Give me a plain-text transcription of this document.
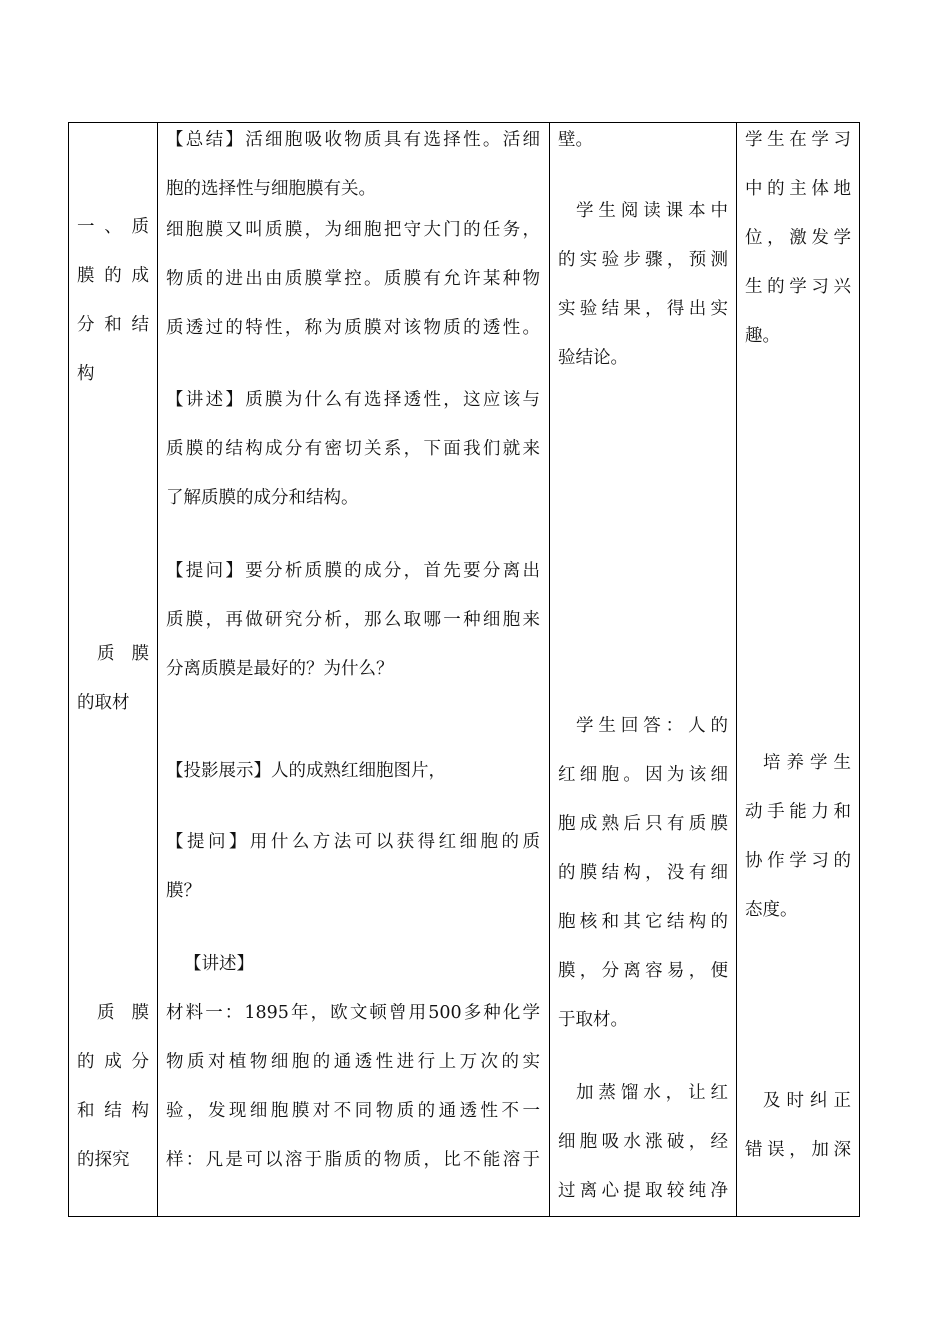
一、质

膜的成

分和结

构

质膜

的取材

质膜

的成分

和结构

的探究

【总结】活细胞吸收物质具有选择性。活细

胞的选择性与细胞膜有关。

细胞膜又叫质膜，为细胞把守大门的任务，

物质的进出由质膜掌控。质膜有允许某种物

质透过的特性，称为质膜对该物质的透性。

【讲述】质膜为什么有选择透性，这应该与

质膜的结构成分有密切关系，下面我们就来

了解质膜的成分和结构。

【提问】要分析质膜的成分，首先要分离出

质膜，再做研究分析，那么取哪一种细胞来

分离质膜是最好的？为什么？

【投影展示】人的成熟红细胞图片，

【提问】用什么方法可以获得红细胞的质

膜？

【讲述】

材料一：1895年，欧文顿曾用500多种化学

物质对植物细胞的通透性进行上万次的实

验，发现细胞膜对不同物质的通透性不一

样：凡是可以溶于脂质的物质，比不能溶于

壁。

学生阅读课本中

的实验步骤，预测

实验结果，得出实

验结论。

学生回答：人的

红细胞。因为该细

胞成熟后只有质膜

的膜结构，没有细

胞核和其它结构的

膜，分离容易，便

于取材。

加蒸馏水，让红

细胞吸水涨破，经

过离心提取较纯净

学生在学习

中的主体地

位，激发学

生的学习兴

趣。

培养学生

动手能力和

协作学习的

态度。

及时纠正

错误，加深
